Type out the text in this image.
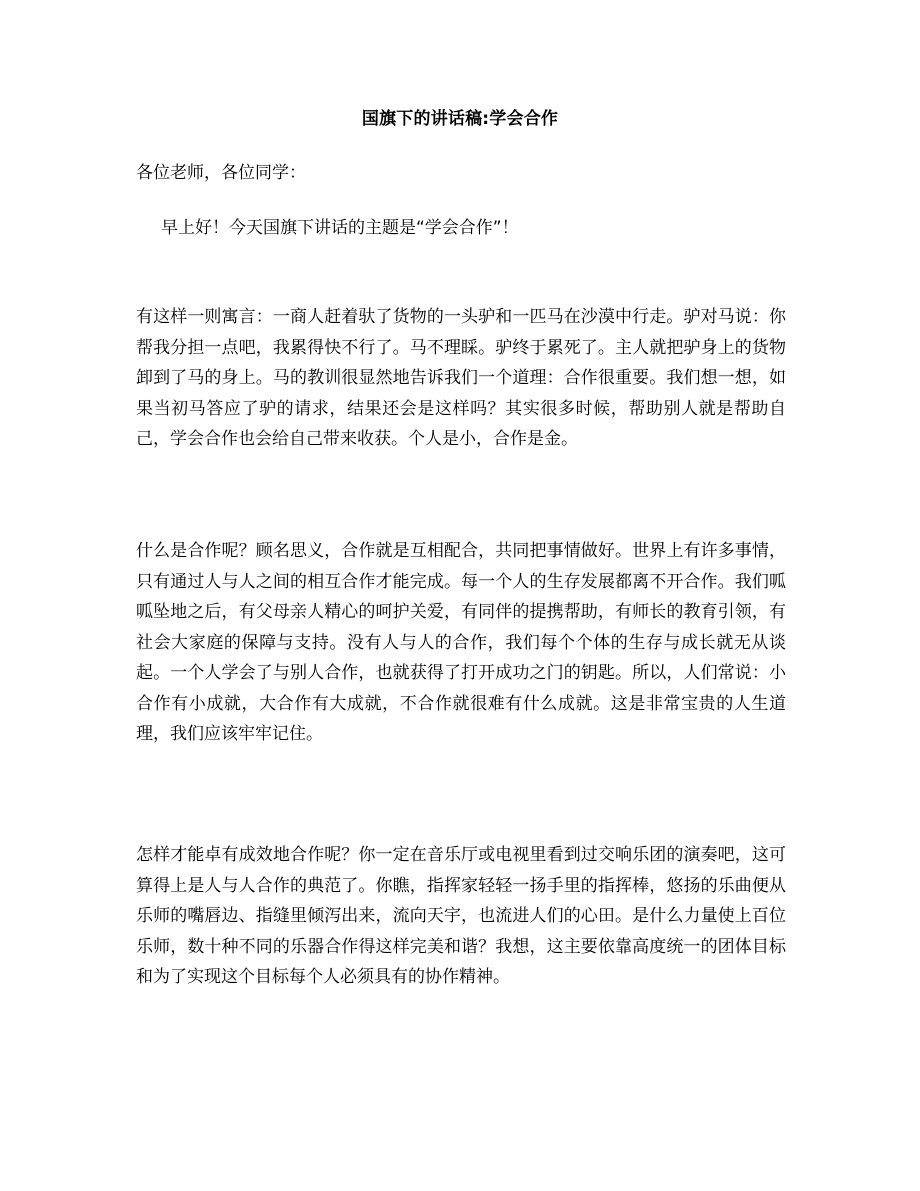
国旗下的讲话稿:学会合作
各位老师，各位同学：
早上好！今天国旗下讲话的主题是“学会合作”！

有这样一则寓言：一商人赶着驮了货物的一头驴和一匹马在沙漠中行走。驴对马说：你帮我分担一点吧，我累得快不行了。马不理睬。驴终于累死了。主人就把驴身上的货物卸到了马的身上。马的教训很显然地告诉我们一个道理：合作很重要。我们想一想，如果当初马答应了驴的请求，结果还会是这样吗？其实很多时候，帮助别人就是帮助自己，学会合作也会给自己带来收获。个人是小，合作是金。

什么是合作呢？顾名思义，合作就是互相配合，共同把事情做好。世界上有许多事情，只有通过人与人之间的相互合作才能完成。每一个人的生存发展都离不开合作。我们呱呱坠地之后，有父母亲人精心的呵护关爱，有同伴的提携帮助，有师长的教育引领，有社会大家庭的保障与支持。没有人与人的合作，我们每个个体的生存与成长就无从谈起。一个人学会了与别人合作，也就获得了打开成功之门的钥匙。所以，人们常说：小合作有小成就，大合作有大成就，不合作就很难有什么成就。这是非常宝贵的人生道理，我们应该牢牢记住。

怎样才能卓有成效地合作呢？你一定在音乐厅或电视里看到过交响乐团的演奏吧，这可算得上是人与人合作的典范了。你瞧，指挥家轻轻一扬手里的指挥棒，悠扬的乐曲便从乐师的嘴唇边、指缝里倾泻出来，流向天宇，也流进人们的心田。是什么力量使上百位乐师，数十种不同的乐器合作得这样完美和谐？我想，这主要依靠高度统一的团体目标和为了实现这个目标每个人必须具有的协作精神。
